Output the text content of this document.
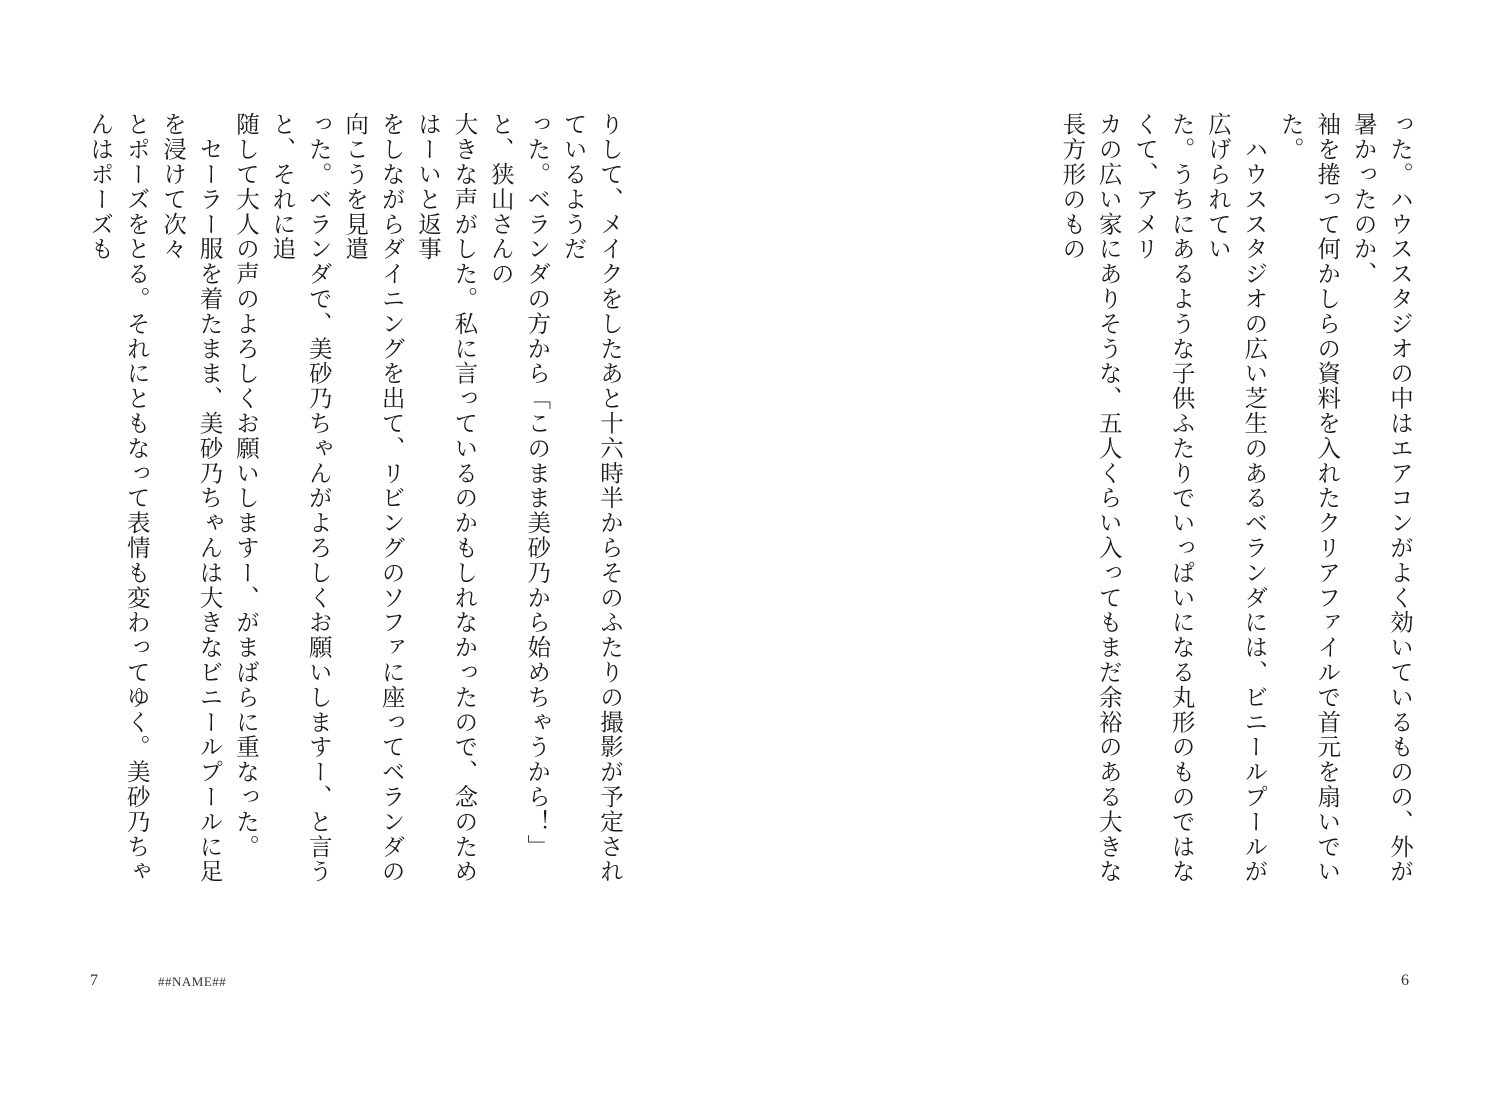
りして、メイクをしたあと十六時半からそのふたりの撮影が予定されているようだ
った。ベランダの方から「このまま美砂乃から始めちゃうから！」と、狭山さんの
大きな声がした。私に言っているのかもしれなかったので、念のためはーいと返事
をしながらダイニングを出て、リビングのソファに座ってベランダの向こうを見遣
った。ベランダで、美砂乃ちゃんがよろしくお願いしますー、と言うと、それに追
随して大人の声のよろしくお願いしますー、がまばらに重なった。
　セーラー服を着たまま、美砂乃ちゃんは大きなビニールプールに足を浸けて次々
とポーズをとる。それにともなって表情も変わってゆく。美砂乃ちゃんはポーズも
7	##NAME##
った。ハウススタジオの中はエアコンがよく効いているものの、外が暑かったのか、
袖を捲って何かしらの資料を入れたクリアファイルで首元を扇いでいた。
　ハウススタジオの広い芝生のあるベランダには、ビニールプールが広げられてい
た。うちにあるような子供ふたりでいっぱいになる丸形のものではなくて、アメリ
カの広い家にありそうな、五人くらい入ってもまだ余裕のある大きな長方形のもの
6
